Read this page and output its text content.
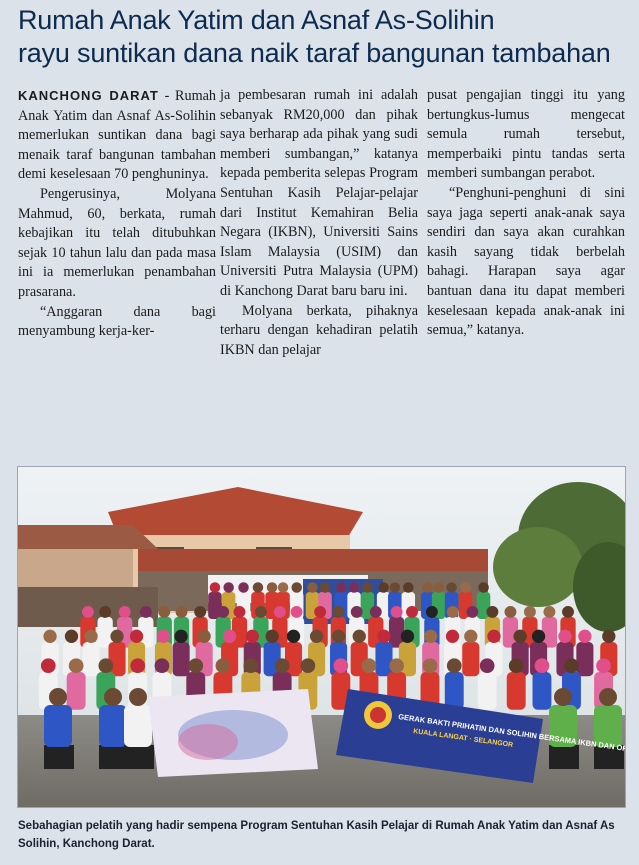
Rumah Anak Yatim dan Asnaf As-Solihin
rayu suntikan dana naik taraf bangunan tambahan

KANCHONG DARAT - Rumah Anak Yatim dan Asnaf As-Solihin memerlukan suntikan dana bagi menaik taraf bangunan tambahan demi keselesaan 70 penghuninya.

Pengerusinya, Molyana Mahmud, 60, berkata, rumah kebajikan itu telah ditubuhkan sejak 10 tahun lalu dan pada masa ini ia memerlukan penambahan prasarana.

“Anggaran dana bagi menyambung kerja-ker-

ja pembesaran rumah ini adalah sebanyak RM20,000 dan pihak saya berharap ada pihak yang sudi memberi sumbangan,” katanya kepada pemberita selepas Program Sentuhan Kasih Pelajar-pelajar dari Institut Kemahiran Belia Negara (IKBN), Universiti Sains Islam Malaysia (USIM) dan Universiti Putra Malaysia (UPM) di Kanchong Darat baru baru ini.

Molyana berkata, pihaknya terharu dengan kehadiran pelatih IKBN dan pelajar

pusat pengajian tinggi itu yang bertungkus-lumus mengecat semula rumah tersebut, memperbaiki pintu tandas serta memberi sumbangan perabot.

“Penghuni-penghuni di sini saya jaga seperti anak-anak saya sendiri dan saya akan curahkan kasih sayang tidak berbelah bahagi. Harapan saya agar bantuan dana itu dapat memberi keselesaan kepada anak-anak ini semua,” katanya.

GERAK BAKTI PRIHATIN DAN SOLIHIN BERSAMA IKBN DAN ORANG
KUALA LANGAT · SELANGOR
Sebahagian pelatih yang hadir sempena Program Sentuhan Kasih Pelajar di Rumah Anak Yatim dan Asnaf As Solihin, Kanchong Darat.
